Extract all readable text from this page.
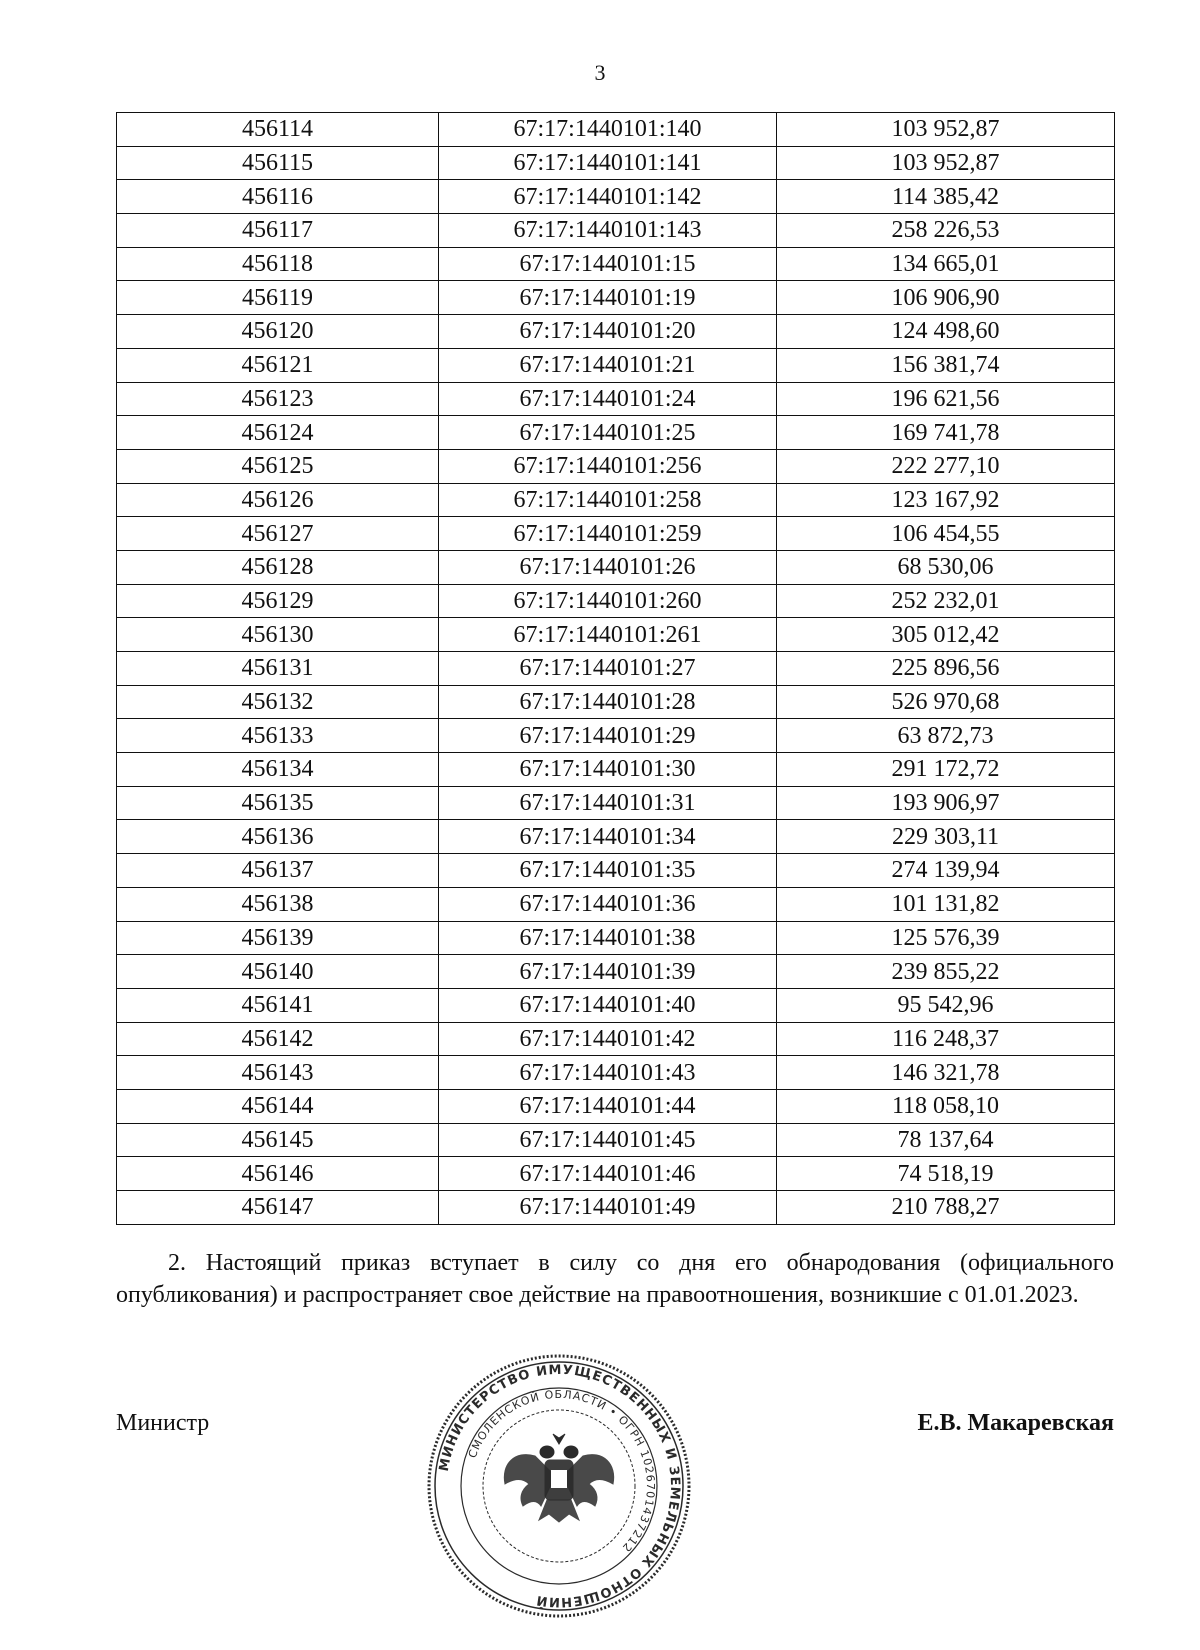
3
456114	67:17:1440101:140	103 952,87
456115	67:17:1440101:141	103 952,87
456116	67:17:1440101:142	114 385,42
456117	67:17:1440101:143	258 226,53
456118	67:17:1440101:15	134 665,01
456119	67:17:1440101:19	106 906,90
456120	67:17:1440101:20	124 498,60
456121	67:17:1440101:21	156 381,74
456123	67:17:1440101:24	196 621,56
456124	67:17:1440101:25	169 741,78
456125	67:17:1440101:256	222 277,10
456126	67:17:1440101:258	123 167,92
456127	67:17:1440101:259	106 454,55
456128	67:17:1440101:26	68 530,06
456129	67:17:1440101:260	252 232,01
456130	67:17:1440101:261	305 012,42
456131	67:17:1440101:27	225 896,56
456132	67:17:1440101:28	526 970,68
456133	67:17:1440101:29	63 872,73
456134	67:17:1440101:30	291 172,72
456135	67:17:1440101:31	193 906,97
456136	67:17:1440101:34	229 303,11
456137	67:17:1440101:35	274 139,94
456138	67:17:1440101:36	101 131,82
456139	67:17:1440101:38	125 576,39
456140	67:17:1440101:39	239 855,22
456141	67:17:1440101:40	95 542,96
456142	67:17:1440101:42	116 248,37
456143	67:17:1440101:43	146 321,78
456144	67:17:1440101:44	118 058,10
456145	67:17:1440101:45	78 137,64
456146	67:17:1440101:46	74 518,19
456147	67:17:1440101:49	210 788,27
2. Настоящий приказ вступает в силу со дня его обнародования (официального опубликования) и распространяет свое действие на правоотношения, возникшие с 01.01.2023.
Министр	Е.В. Макаревская
МИНИСТЕРСТВО ИМУЩЕСТВЕННЫХ И ЗЕМЕЛЬНЫХ ОТНОШЕНИЙ
СМОЛЕНСКОЙ ОБЛАСТИ • ОГРН 1026701437212
